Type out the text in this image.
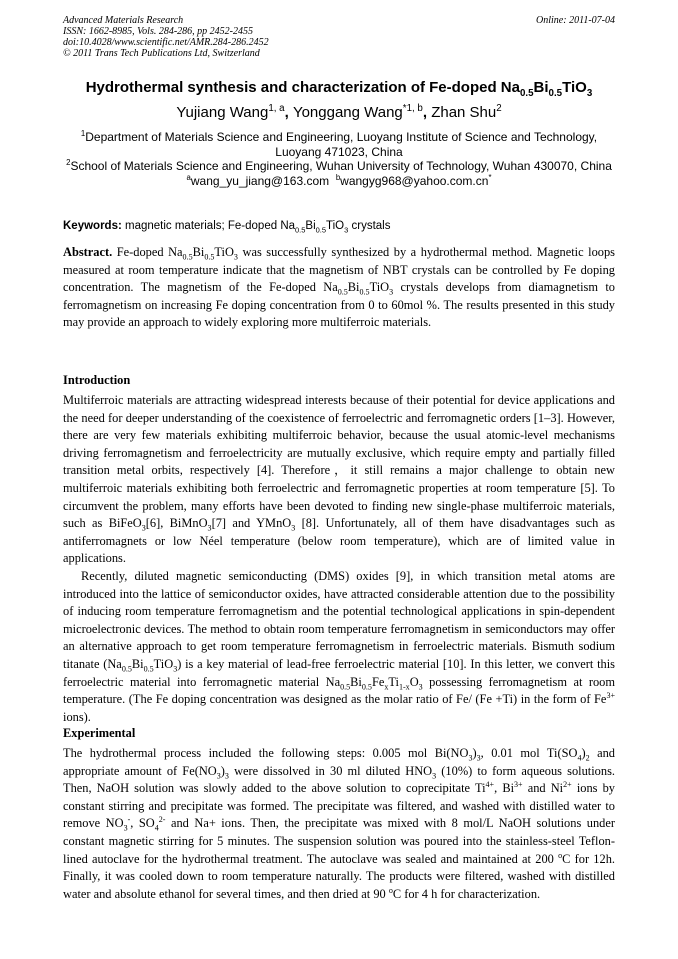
Advanced Materials Research	Online: 2011-07-04
ISSN: 1662-8985, Vols. 284-286, pp 2452-2455
doi:10.4028/www.scientific.net/AMR.284-286.2452
© 2011 Trans Tech Publications Ltd, Switzerland
Hydrothermal synthesis and characterization of Fe-doped $Na_{0.5}Bi_{0.5}TiO_3$
Yujiang Wang$^{1, a}$, Yonggang Wang$^{*1, b}$, Zhan Shu$^2$
$^1$Department of Materials Science and Engineering, Luoyang Institute of Science and Technology, Luoyang 471023, China
$^2$School of Materials Science and Engineering, Wuhan University of Technology, Wuhan 430070, China
$^a$wang_yu_jiang@163.com $^b$wangyg968@yahoo.com.cn*
Keywords: magnetic materials; Fe-doped $Na_{0.5}Bi_{0.5}TiO_3$ crystals

Abstract. Fe-doped $Na_{0.5}Bi_{0.5}TiO_3$ was successfully synthesized by a hydrothermal method. Magnetic loops measured at room temperature indicate that the magnetism of NBT crystals can be controlled by Fe doping concentration. The magnetism of the Fe-doped $Na_{0.5}Bi_{0.5}TiO_3$ crystals develops from diamagnetism to ferromagnetism on increasing Fe doping concentration from 0 to 60mol %. The results presented in this study may provide an approach to widely exploring more multiferroic materials.

Introduction

Multiferroic materials are attracting widespread interests because of their potential for device applications and the need for deeper understanding of the coexistence of ferroelectric and ferromagnetic orders [1–3]. However, there are very few materials exhibiting multiferroic behavior, because the usual atomic-level mechanisms driving ferromagnetism and ferroelectricity are mutually exclusive, which require empty and partially filled transition metal orbits, respectively [4]. Therefore，it still remains a major challenge to obtain new multiferroic materials exhibiting both ferroelectric and ferromagnetic properties at room temperature [5]. To circumvent the problem, many efforts have been devoted to finding new single-phase multiferroic materials, such as BiFeO$_3$[6], BiMnO$_3$[7] and YMnO$_3$ [8]. Unfortunately, all of them have disadvantages such as antiferromagnets or low Néel temperature (below room temperature), which are of limited value in applications.

Recently, diluted magnetic semiconducting (DMS) oxides [9], in which transition metal atoms are introduced into the lattice of semiconductor oxides, have attracted considerable attention due to the possibility of inducing room temperature ferromagnetism and the potential technological applications in spin-dependent microelectronic devices. The method to obtain room temperature ferromagnetism in semiconductors may offer an alternative approach to get room temperature ferromagnetism in ferroelectric materials. Bismuth sodium titanate $(Na_{0.5}Bi_{0.5}TiO_3)$ is a key material of lead-free ferroelectric material [10]. In this letter, we convert this ferroelectric material into ferromagnetic material $Na_{0.5}Bi_{0.5}Fe_xTi_{1-x}O_3$ possessing ferromagnetism at room temperature. (The Fe doping concentration was designed as the molar ratio of Fe/ (Fe +Ti) in the form of $Fe^{3+}$ ions).

Experimental

The hydrothermal process included the following steps: 0.005 mol $Bi(NO_3)_3$, 0.01 mol $Ti(SO_4)_2$ and appropriate amount of $Fe(NO_3)_3$ were dissolved in 30 ml diluted $HNO_3$ (10%) to form aqueous solutions. Then, NaOH solution was slowly added to the above solution to coprecipitate $Ti^{4+}$, $Bi^{3+}$ and $Ni^{2+}$ ions by constant stirring and precipitate was formed. The precipitate was filtered, and washed with distilled water to remove $NO_3^-$, $SO_4^{2-}$ and Na+ ions. Then, the precipitate was mixed with 8 mol/L NaOH solutions under constant magnetic stirring for 5 minutes. The suspension solution was poured into the stainless-steel Teflon-lined autoclave for the hydrothermal treatment. The autoclave was sealed and maintained at 200 $^o$C for 12h. Finally, it was cooled down to room temperature naturally. The products were filtered, washed with distilled water and absolute ethanol for several times, and then dried at 90 $^o$C for 4 h for characterization.
